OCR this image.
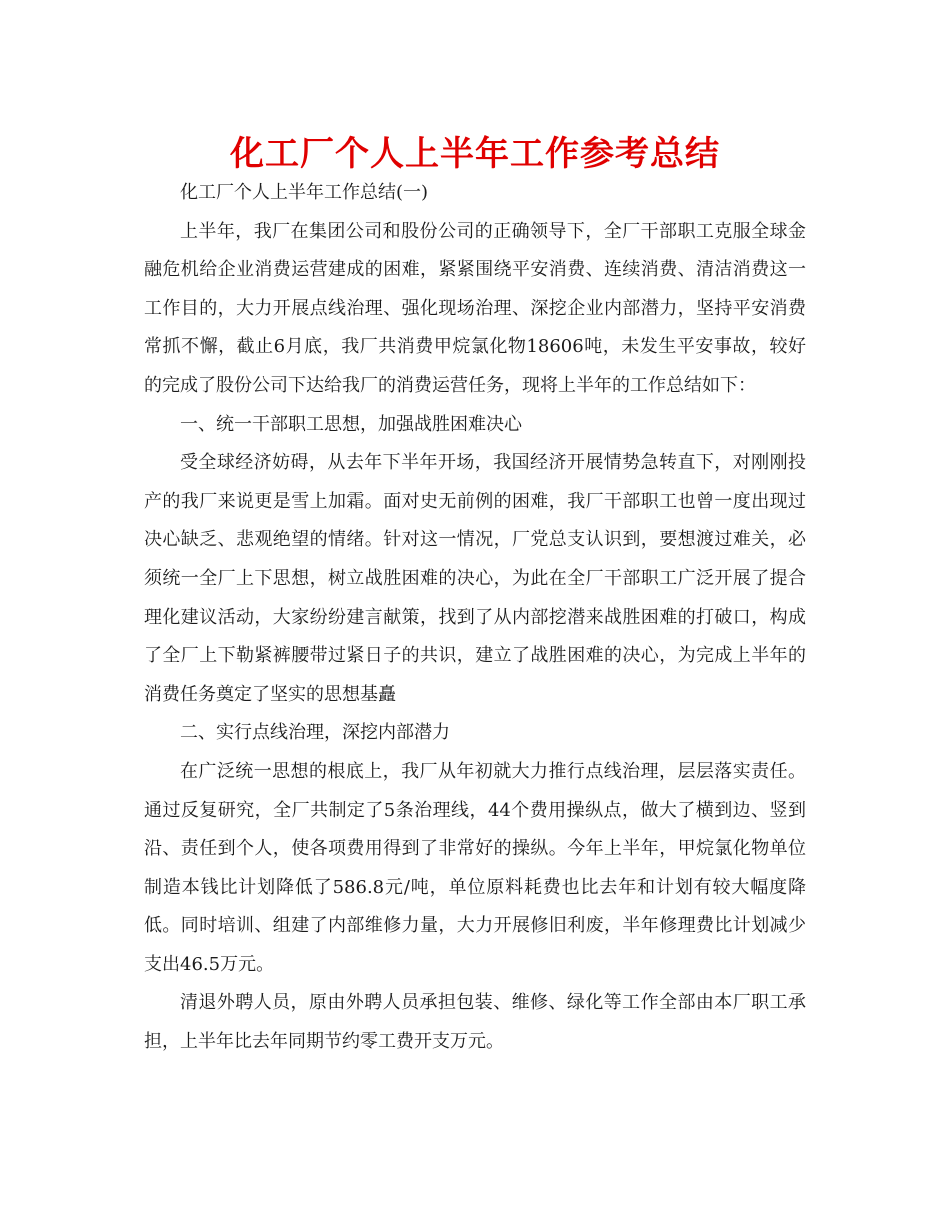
化工厂个人上半年工作参考总结

化工厂个人上半年工作总结(一)

上半年，我厂在集团公司和股份公司的正确领导下，全厂干部职工克服全球金融危机给企业消费运营建成的困难，紧紧围绕平安消费、连续消费、清洁消费这一工作目的，大力开展点线治理、强化现场治理、深挖企业内部潜力，坚持平安消费常抓不懈，截止6月底，我厂共消费甲烷氯化物18606吨，未发生平安事故，较好的完成了股份公司下达给我厂的消费运营任务，现将上半年的工作总结如下：

一、统一干部职工思想，加强战胜困难决心

受全球经济妨碍，从去年下半年开场，我国经济开展情势急转直下，对刚刚投产的我厂来说更是雪上加霜。面对史无前例的困难，我厂干部职工也曾一度出现过决心缺乏、悲观绝望的情绪。针对这一情况，厂党总支认识到，要想渡过难关，必须统一全厂上下思想，树立战胜困难的决心，为此在全厂干部职工广泛开展了提合理化建议活动，大家纷纷建言献策，找到了从内部挖潜来战胜困难的打破口，构成了全厂上下勒紧裤腰带过紧日子的共识，建立了战胜困难的决心，为完成上半年的消费任务奠定了坚实的思想基矗

二、实行点线治理，深挖内部潜力

在广泛统一思想的根底上，我厂从年初就大力推行点线治理，层层落实责任。通过反复研究，全厂共制定了5条治理线，44个费用操纵点，做大了横到边、竖到沿、责任到个人，使各项费用得到了非常好的操纵。今年上半年，甲烷氯化物单位制造本钱比计划降低了586.8元/吨，单位原料耗费也比去年和计划有较大幅度降低。同时培训、组建了内部维修力量，大力开展修旧利废，半年修理费比计划减少支出46.5万元。

清退外聘人员，原由外聘人员承担包装、维修、绿化等工作全部由本厂职工承担，上半年比去年同期节约零工费开支万元。
